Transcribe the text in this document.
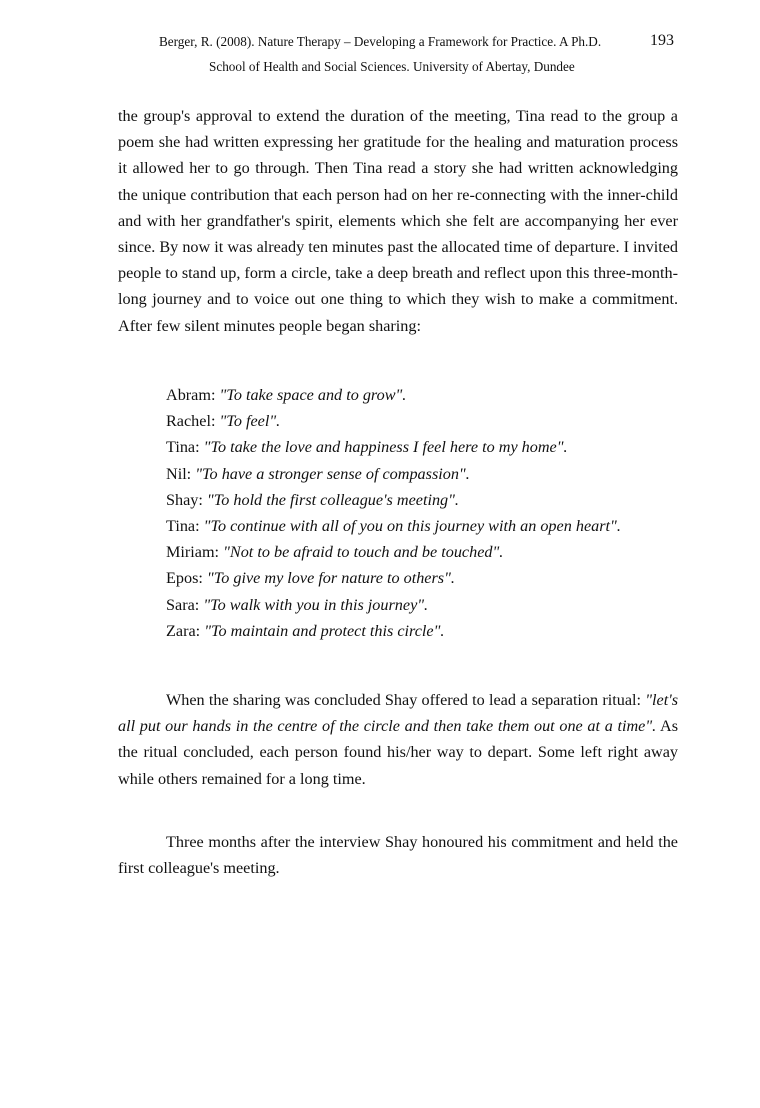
Berger, R. (2008). Nature Therapy – Developing a Framework for Practice. A Ph.D.	193
School of Health and Social Sciences. University of Abertay, Dundee

the group's approval to extend the duration of the meeting, Tina read to the group a poem she had written expressing her gratitude for the healing and maturation process it allowed her to go through. Then Tina read a story she had written acknowledging the unique contribution that each person had on her re-connecting with the inner-child and with her grandfather's spirit, elements which she felt are accompanying her ever since. By now it was already ten minutes past the allocated time of departure. I invited people to stand up, form a circle, take a deep breath and reflect upon this three-month-long journey and to voice out one thing to which they wish to make a commitment. After few silent minutes people began sharing:

Abram: "To take space and to grow".
Rachel: "To feel".
Tina: "To take the love and happiness I feel here to my home".
Nil: "To have a stronger sense of compassion".
Shay: "To hold the first colleague's meeting".
Tina: "To continue with all of you on this journey with an open heart".
Miriam: "Not to be afraid to touch and be touched".
Epos: "To give my love for nature to others".
Sara: "To walk with you in this journey".
Zara: "To maintain and protect this circle".

When the sharing was concluded Shay offered to lead a separation ritual: "let's all put our hands in the centre of the circle and then take them out one at a time". As the ritual concluded, each person found his/her way to depart. Some left right away while others remained for a long time.

Three months after the interview Shay honoured his commitment and held the first colleague's meeting.
